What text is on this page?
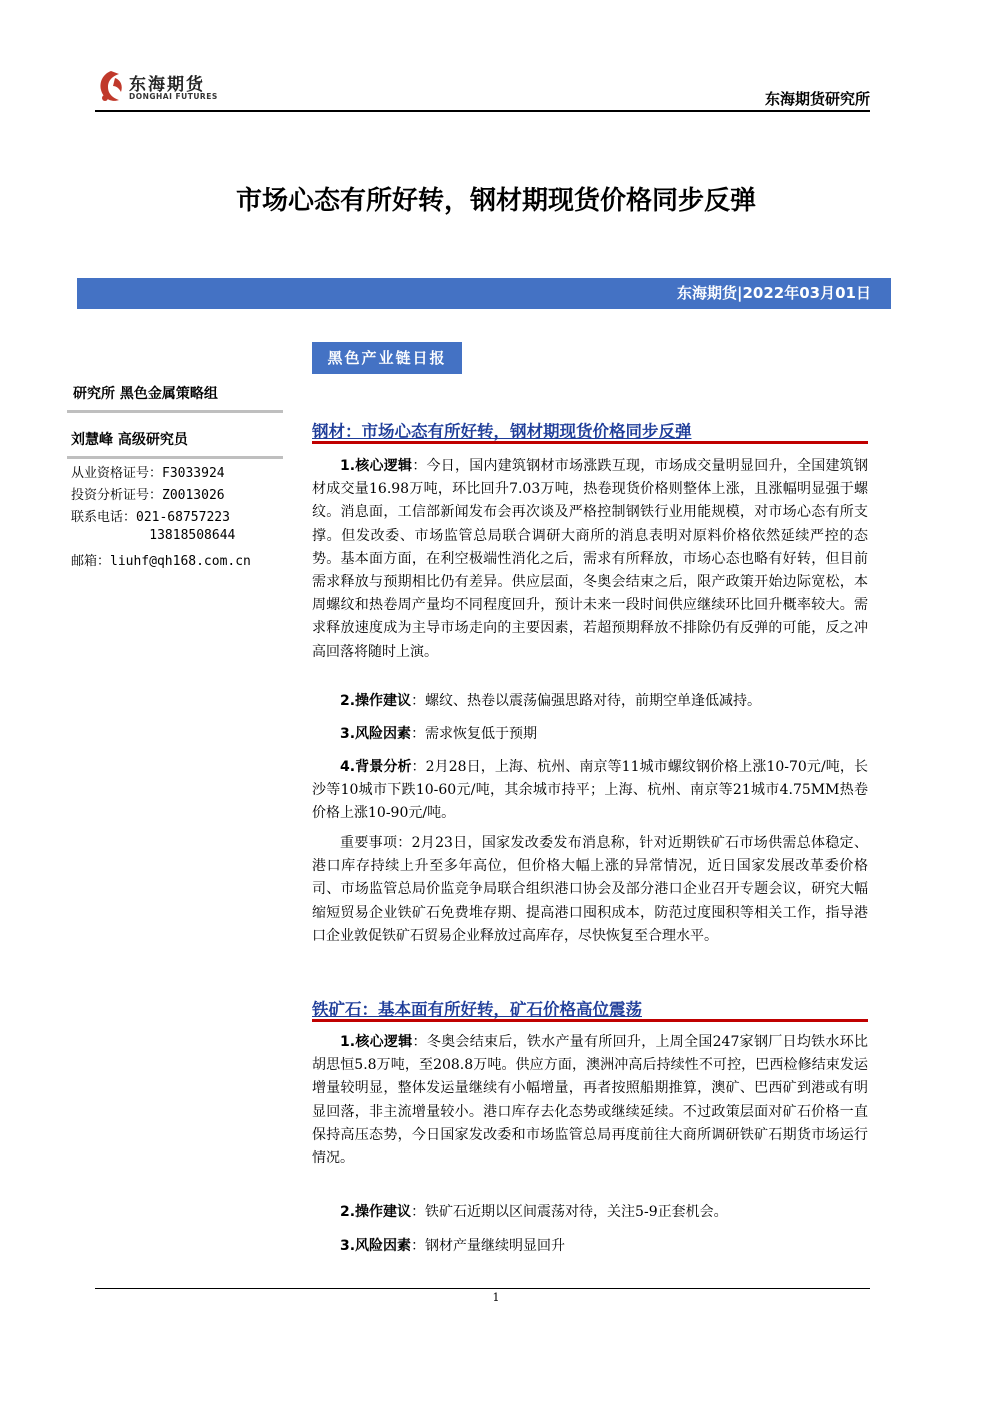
东海期货
DONGHAI FUTURES	东海期货研究所
市场心态有所好转，钢材期现货价格同步反弹
东海期货|2022年03月01日
黑色产业链日报
研究所 黑色金属策略组
刘慧峰 高级研究员
从业资格证号：F3033924
投资分析证号：Z0013026
联系电话：021-68757223
13818508644
邮箱：liuhf@qh168.com.cn
钢材：市场心态有所好转，钢材期现货价格同步反弹
1.核心逻辑：今日，国内建筑钢材市场涨跌互现，市场成交量明显回升，全国建筑钢材成交量16.98万吨，环比回升7.03万吨，热卷现货价格则整体上涨，且涨幅明显强于螺纹。消息面，工信部新闻发布会再次谈及严格控制钢铁行业用能规模，对市场心态有所支撑。但发改委、市场监管总局联合调研大商所的消息表明对原料价格依然延续严控的态势。基本面方面，在利空极端性消化之后，需求有所释放，市场心态也略有好转，但目前需求释放与预期相比仍有差异。供应层面，冬奥会结束之后，限产政策开始边际宽松，本周螺纹和热卷周产量均不同程度回升，预计未来一段时间供应继续环比回升概率较大。需求释放速度成为主导市场走向的主要因素，若超预期释放不排除仍有反弹的可能，反之冲高回落将随时上演。
2.操作建议：螺纹、热卷以震荡偏强思路对待，前期空单逢低减持。
3.风险因素：需求恢复低于预期
4.背景分析：2月28日，上海、杭州、南京等11城市螺纹钢价格上涨10-70元/吨，长沙等10城市下跌10-60元/吨，其余城市持平；上海、杭州、南京等21城市4.75MM热卷价格上涨10-90元/吨。
重要事项：2月23日，国家发改委发布消息称，针对近期铁矿石市场供需总体稳定、港口库存持续上升至多年高位，但价格大幅上涨的异常情况，近日国家发展改革委价格司、市场监管总局价监竞争局联合组织港口协会及部分港口企业召开专题会议，研究大幅缩短贸易企业铁矿石免费堆存期、提高港口囤积成本，防范过度囤积等相关工作，指导港口企业敦促铁矿石贸易企业释放过高库存，尽快恢复至合理水平。
铁矿石：基本面有所好转，矿石价格高位震荡
1.核心逻辑：冬奥会结束后，铁水产量有所回升，上周全国247家钢厂日均铁水环比胡思恒5.8万吨，至208.8万吨。供应方面，澳洲冲高后持续性不可控，巴西检修结束发运增量较明显，整体发运量继续有小幅增量，再者按照船期推算，澳矿、巴西矿到港或有明显回落，非主流增量较小。港口库存去化态势或继续延续。不过政策层面对矿石价格一直保持高压态势，今日国家发改委和市场监管总局再度前往大商所调研铁矿石期货市场运行情况。
2.操作建议：铁矿石近期以区间震荡对待，关注5-9正套机会。
3.风险因素：钢材产量继续明显回升
1
